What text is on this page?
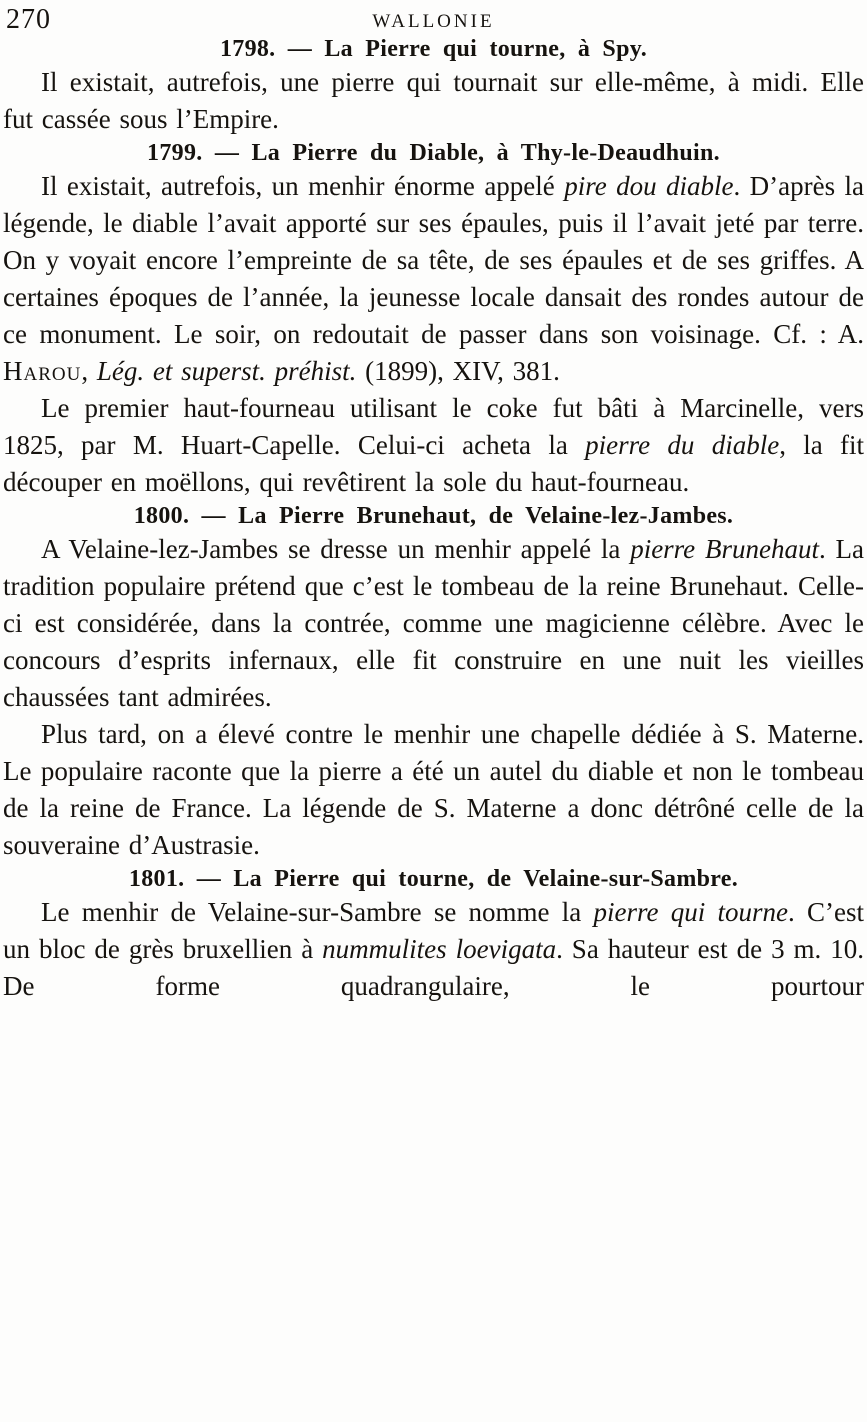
270	WALLONIE
1798. — La Pierre qui tourne, à Spy.

Il existait, autrefois, une pierre qui tournait sur elle-même, à midi. Elle fut cassée sous l’Empire.

1799. — La Pierre du Diable, à Thy-le-Deaudhuin.

Il existait, autrefois, un menhir énorme appelé pire dou diable. D’après la légende, le diable l’avait apporté sur ses épaules, puis il l’avait jeté par terre. On y voyait encore l’empreinte de sa tête, de ses épaules et de ses griffes. A certaines époques de l’année, la jeunesse locale dansait des rondes autour de ce monument. Le soir, on redoutait de passer dans son voisinage. Cf. : A. Harou, Lég. et superst. préhist. (1899), XIV, 381.

Le premier haut-fourneau utilisant le coke fut bâti à Marcinelle, vers 1825, par M. Huart-Capelle. Celui-ci acheta la pierre du diable, la fit découper en moëllons, qui revêtirent la sole du haut-fourneau.

1800. — La Pierre Brunehaut, de Velaine-lez-Jambes.

A Velaine-lez-Jambes se dresse un menhir appelé la pierre Brunehaut. La tradition populaire prétend que c’est le tombeau de la reine Brunehaut. Celle-ci est considérée, dans la contrée, comme une magicienne célèbre. Avec le concours d’esprits infernaux, elle fit construire en une nuit les vieilles chaussées tant admirées.

Plus tard, on a élevé contre le menhir une chapelle dédiée à S. Materne. Le populaire raconte que la pierre a été un autel du diable et non le tombeau de la reine de France. La légende de S. Materne a donc détrôné celle de la souveraine d’Austrasie.

1801. — La Pierre qui tourne, de Velaine-sur-Sambre.

Le menhir de Velaine-sur-Sambre se nomme la pierre qui tourne. C’est un bloc de grès bruxellien à nummulites loevigata. Sa hauteur est de 3 m. 10. De forme quadrangulaire, le pourtour
